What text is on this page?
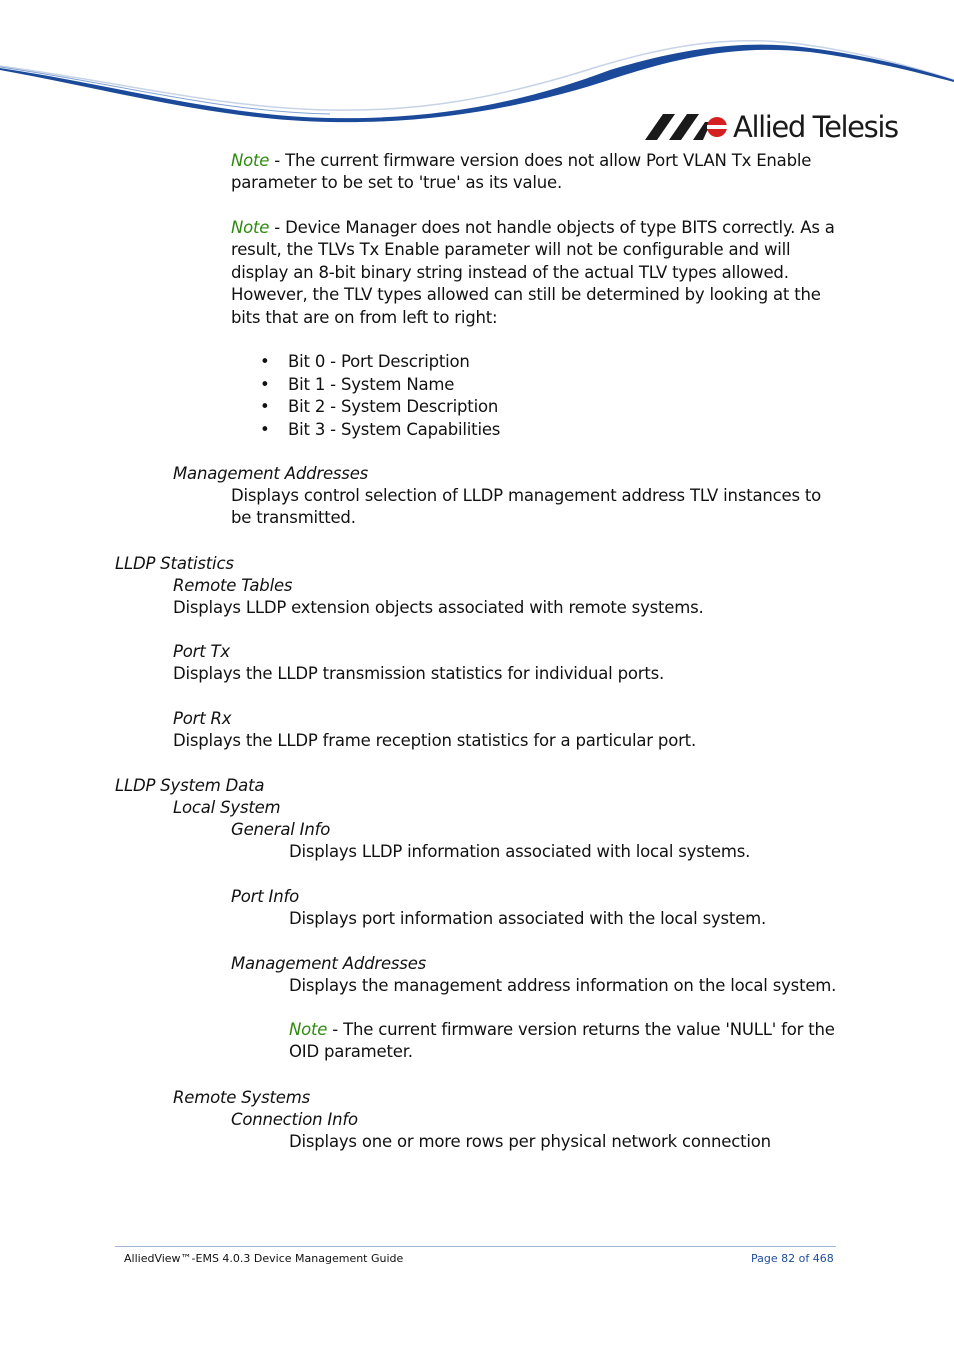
Allied Telesis

Note - The current firmware version does not allow Port VLAN Tx Enable parameter to be set to 'true' as its value.

Note - Device Manager does not handle objects of type BITS correctly. As a result, the TLVs Tx Enable parameter will not be configurable and will display an 8-bit binary string instead of the actual TLV types allowed. However, the TLV types allowed can still be determined by looking at the bits that are on from left to right:

• Bit 0 - Port Description
• Bit 1 - System Name
• Bit 2 - System Description
• Bit 3 - System Capabilities

Management Addresses

Displays control selection of LLDP management address TLV instances to be transmitted.

LLDP Statistics

Remote Tables

Displays LLDP extension objects associated with remote systems.

Port Tx

Displays the LLDP transmission statistics for individual ports.

Port Rx

Displays the LLDP frame reception statistics for a particular port.

LLDP System Data

Local System

General Info

Displays LLDP information associated with local systems.

Port Info

Displays port information associated with the local system.

Management Addresses

Displays the management address information on the local system.

Note - The current firmware version returns the value 'NULL' for the OID parameter.

Remote Systems

Connection Info

Displays one or more rows per physical network connection

AlliedView™-EMS 4.0.3 Device Management Guide	Page 82 of 468
